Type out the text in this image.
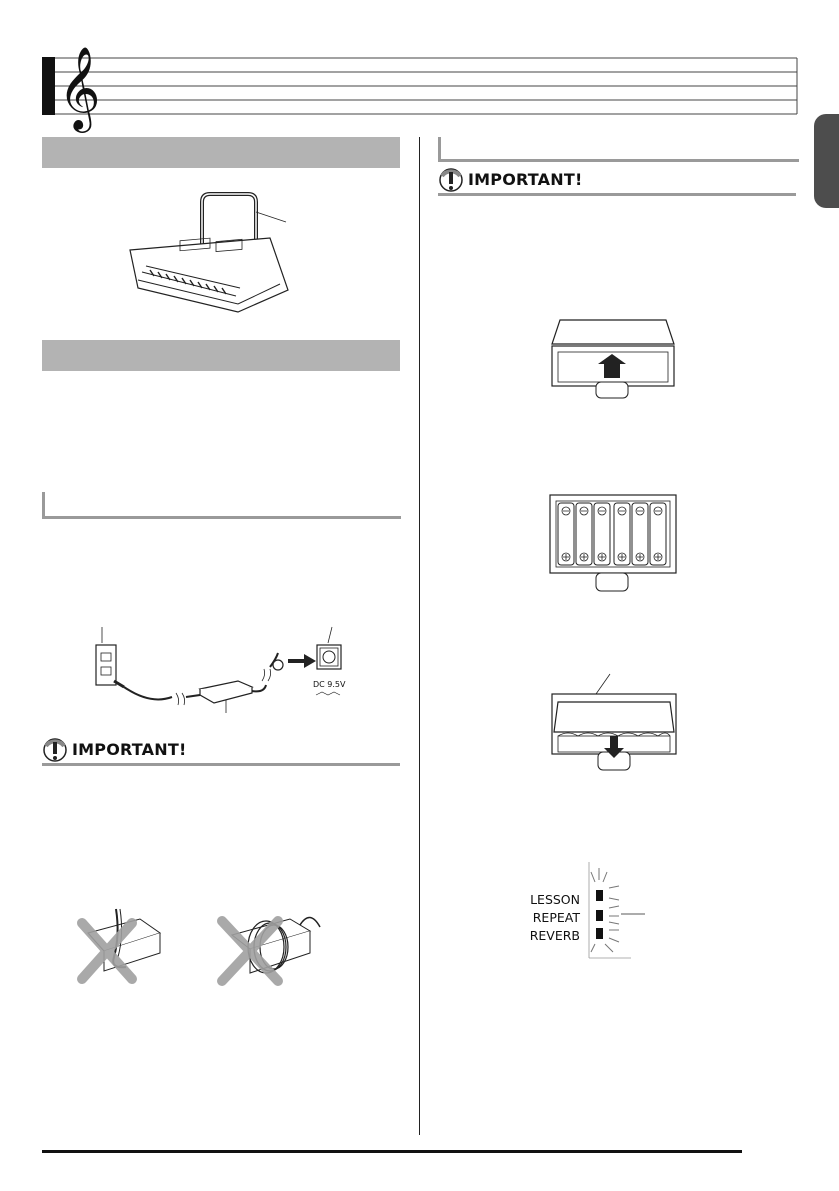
𝄞
DC 9.5V
IMPORTANT!
IMPORTANT!
LESSON
REPEAT
REVERB
